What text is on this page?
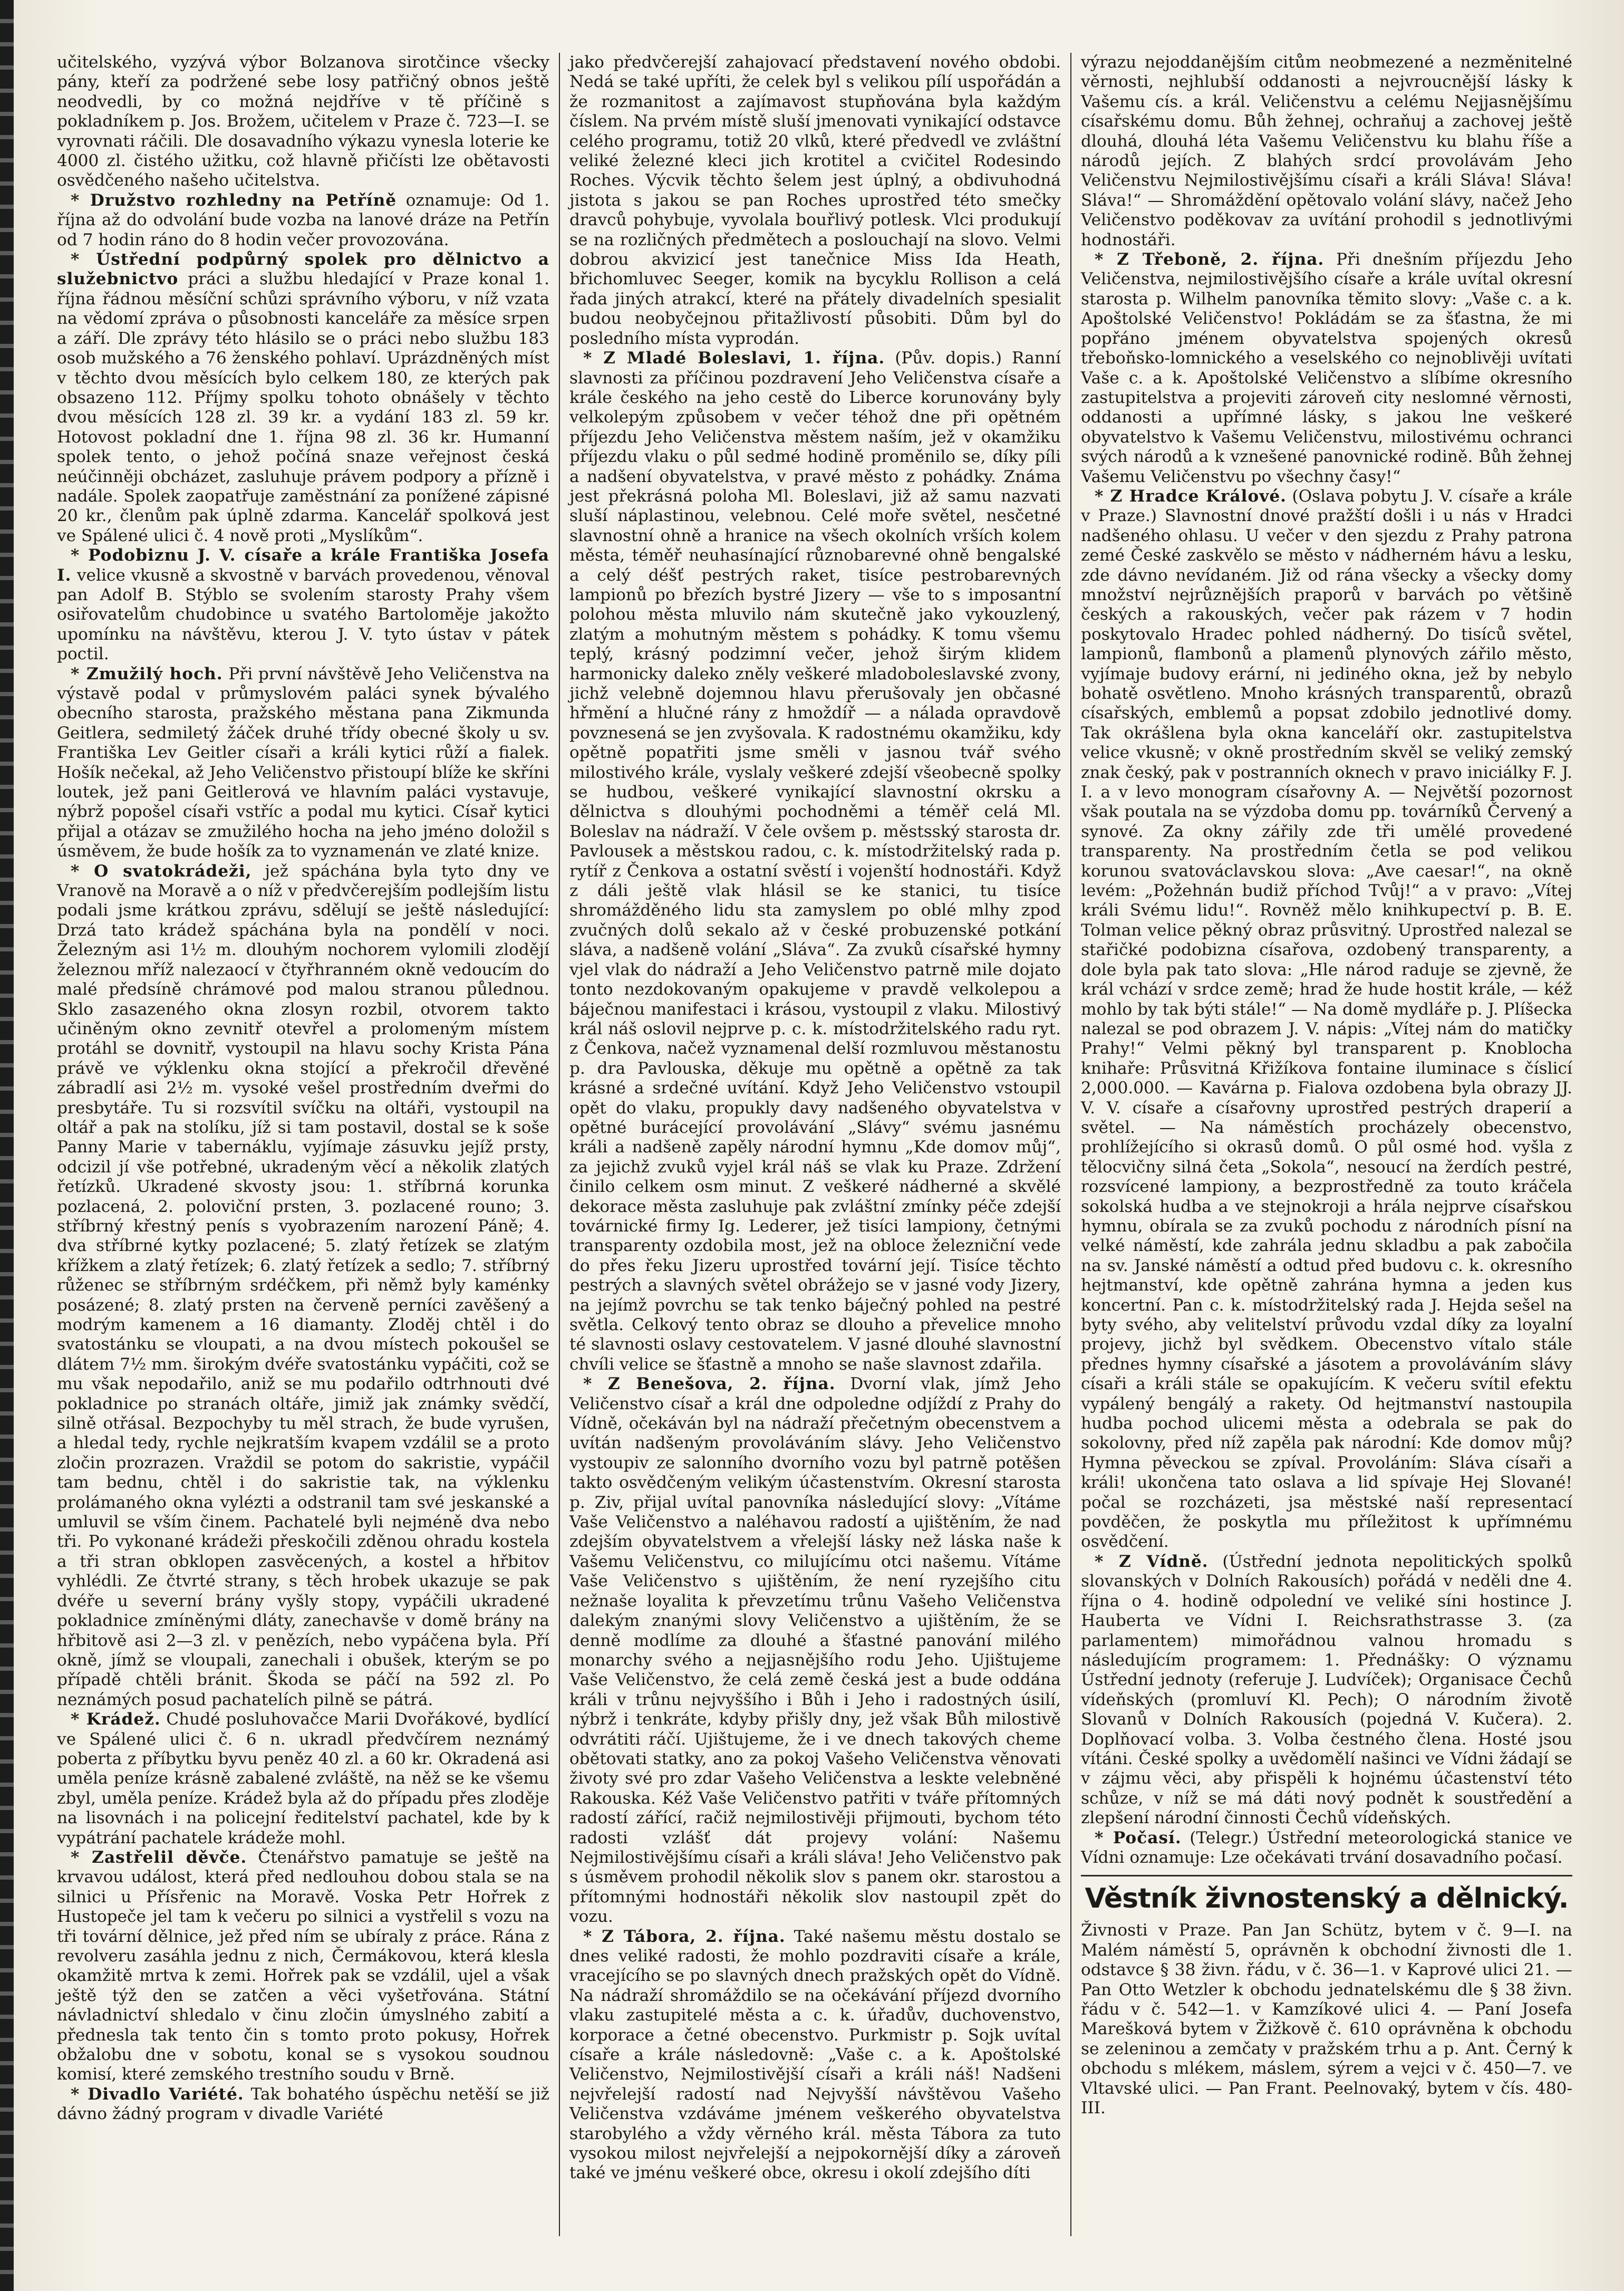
učitelského, vyzývá výbor Bolzanova sirotčince všecky pány, kteří za podržené sebe losy patřičný obnos ještě neodvedli, by co možná nejdříve v tě příčině s pokladníkem p. Jos. Brožem, učitelem v Praze č. 723—I. se vyrovnati ráčili. Dle dosavadního výkazu vynesla loterie ke 4000 zl. čistého užitku, což hlavně přičísti lze obětavosti osvědčeného našeho učitelstva.

* Družstvo rozhledny na Petříně oznamuje: Od 1. října až do odvolání bude vozba na lanové dráze na Petřín od 7 hodin ráno do 8 hodin večer provozována.

* Ústřední podpůrný spolek pro dělnictvo a služebnictvo práci a službu hledající v Praze konal 1. října řádnou měsíční schůzi správního výboru, v níž vzata na vědomí zpráva o působnosti kanceláře za měsíce srpen a září. Dle zprávy této hlásilo se o práci nebo službu 183 osob mužského a 76 ženského pohlaví. Uprázdněných míst v těchto dvou měsících bylo celkem 180, ze kterých pak obsazeno 112. Příjmy spolku tohoto obnášely v těchto dvou měsících 128 zl. 39 kr. a vydání 183 zl. 59 kr. Hotovost pokladní dne 1. října 98 zl. 36 kr. Humanní spolek tento, o jehož počíná snaze veřejnost česká neúčinněji obcházet, zasluhuje právem podpory a přízně i nadále. Spolek zaopatřuje zaměstnání za ponížené zápisné 20 kr., členům pak úplně zdarma. Kancelář spolková jest ve Spálené ulici č. 4 nově proti „Myslíkům“.

* Podobiznu J. V. císaře a krále Františka Josefa I. velice vkusně a skvostně v barvách provedenou, věnoval pan Adolf B. Stýblo se svolením starosty Prahy všem osiřovatelům chudobince u svatého Bartoloměje jakožto upomínku na návštěvu, kterou J. V. tyto ústav v pátek poctil.

* Zmužilý hoch. Při první návštěvě Jeho Veličenstva na výstavě podal v průmyslovém paláci synek bývalého obecního starosta, pražského městana pana Zikmunda Geitlera, sedmiletý žáček druhé třídy obecné školy u sv. Františka Lev Geitler císaři a králi kytici růží a fialek. Hošík nečekal, až Jeho Veličenstvo přistoupí blíže ke skříni loutek, jež pani Geitlerová ve hlavním paláci vystavuje, nýbrž popošel císaři vstříc a podal mu kytici. Císař kytici přijal a otázav se zmužilého hocha na jeho jméno doložil s úsměvem, že bude hošík za to vyznamenán ve zlaté knize.

* O svatokrádeži, jež spáchána byla tyto dny ve Vranově na Moravě a o níž v předvčerejším podlejším listu podali jsme krátkou zprávu, sdělují se ještě následující: Drzá tato krádež spáchána byla na pondělí v noci. Železným asi 1½ m. dlouhým nochorem vylomili zlodějí železnou mříž nalezaocí v čtyřhranném okně vedoucím do malé předsíně chrámové pod malou stranou půlednou. Sklo zasazeného okna zlosyn rozbil, otvorem takto učiněným okno zevnitř otevřel a prolomeným místem protáhl se dovnitř, vystoupil na hlavu sochy Krista Pána právě ve výklenku okna stojící a překročil dřevěné zábradlí asi 2½ m. vysoké vešel prostředním dveřmi do presbytáře. Tu si rozsvítil svíčku na oltáři, vystoupil na oltář a pak na stolíku, jíž si tam postavil, dostal se k soše Panny Marie v tabernáklu, vyjímaje zásuvku jejíž prsty, odcizil jí vše potřebné, ukradeným věcí a několik zlatých řetízků. Ukradené skvosty jsou: 1. stříbrná korunka pozlacená, 2. poloviční prsten, 3. pozlacené rouno; 3. stříbrný křestný penís s vyobrazením narození Páně; 4. dva stříbrné kytky pozlacené; 5. zlatý řetízek se zlatým křížkem a zlatý řetízek; 6. zlatý řetízek a sedlo; 7. stříbrný růženec se stříbrným srdéčkem, při němž byly kaménky posázené; 8. zlatý prsten na červeně perníci zavěšený a modrým kamenem a 16 diamanty. Zloděj chtěl i do svatostánku se vloupati, a na dvou místech pokoušel se dlátem 7½ mm. širokým dvéře svatostánku vypáčiti, což se mu však nepodařilo, aniž se mu podařilo odtrhnouti dvé pokladnice po stranách oltáře, jimiž jak známky svědčí, silně otřásal. Bezpochyby tu měl strach, že bude vyrušen, a hledal tedy, rychle nejkratším kvapem vzdálil se a proto zločin prozrazen. Vraždil se potom do sakristie, vypáčil tam bednu, chtěl i do sakristie tak, na výklenku prolámaného okna vylézti a odstranil tam své jeskanské a umluvil se vším činem. Pachatelé byli nejméně dva nebo tři. Po vykonané krádeži přeskočili zděnou ohradu kostela a tři stran obklopen zasvěcených, a kostel a hřbitov vyhlédli. Ze čtvrté strany, s těch hrobek ukazuje se pak dvéře u severní brány vyšly stopy, vypáčili ukradené pokladnice zmíněnými dláty, zanechavše v domě brány na hřbitově asi 2—3 zl. v penězích, nebo vypáčena byla. Pří okně, jímž se vloupali, zanechali i obušek, kterým se po případě chtěli bránit. Škoda se páčí na 592 zl. Po neznámých posud pachatelích pilně se pátrá.

* Krádež. Chudé posluhovačce Marii Dvořákové, bydlící ve Spálené ulici č. 6 n. ukradl předvčírem neznámý poberta z příbytku byvu peněz 40 zl. a 60 kr. Okradená asi uměla peníze krásně zabalené zvláště, na něž se ke všemu zbyl, uměla peníze. Krádež byla až do případu přes zloděje na lisovnách i na policejní ředitelství pachatel, kde by k vypátrání pachatele krádeže mohl.

* Zastřelil děvče. Čtenářstvo pamatuje se ještě na krvavou událost, která před nedlouhou dobou stala se na silnici u Přísřenic na Moravě. Voska Petr Hořrek z Hustopeče jel tam k večeru po silnici a vystřelil s vozu na tři tovární dělnice, jež před ním se ubíraly z práce. Rána z revolveru zasáhla jednu z nich, Čermákovou, která klesla okamžitě mrtva k zemi. Hořrek pak se vzdálil, ujel a však ještě týž den se zatčen a věci vyšetřována. Státní návladnictví shledalo v činu zločin úmyslného zabití a přednesla tak tento čin s tomto proto pokusy, Hořrek obžalobu dne v sobotu, konal se s vysokou soudnou komisí, které zemského trestního soudu v Brně.

* Divadlo Variété. Tak bohatého úspěchu netěší se již dávno žádný program v divadle Variété

jako předvčerejší zahajovací představení nového obdobi. Nedá se také upříti, že celek byl s velikou pílí uspořádán a že rozmanitost a zajímavost stupňována byla každým číslem. Na prvém místě sluší jmenovati vynikající odstavce celého programu, totiž 20 vlků, které předvedl ve zvláštní veliké železné kleci jich krotitel a cvičitel Rodesindo Roches. Výcvik těchto šelem jest úplný, a obdivuhodná jistota s jakou se pan Roches uprostřed této smečky dravců pohybuje, vyvolala bouřlivý potlesk. Vlci produkují se na rozličných předmětech a poslouchají na slovo. Velmi dobrou akvizicí jest tanečnice Miss Ida Heath, břichomluvec Seeger, komik na bycyklu Rollison a celá řada jiných atrakcí, které na přátely divadelních spesialit budou neobyčejnou přitažlivostí působiti. Dům byl do posledního místa vyprodán.

* Z Mladé Boleslavi, 1. října. (Pův. dopis.) Ranní slavnosti za příčinou pozdravení Jeho Veličenstva císaře a krále českého na jeho cestě do Liberce korunovány byly velkolepým způsobem v večer téhož dne při opětném příjezdu Jeho Veličenstva městem naším, jež v okamžiku příjezdu vlaku o půl sedmé hodině proměnilo se, díky píli a nadšení obyvatelstva, v pravé město z pohádky. Známa jest překrásná poloha Ml. Boleslavi, již až samu nazvati sluší náplastinou, velebnou. Celé moře světel, nesčetné slavnostní ohně a hranice na všech okolních vrších kolem města, téměř neuhasínající různobarevné ohně bengalské a celý déšť pestrých raket, tisíce pestrobarevných lampionů po březích bystré Jizery — vše to s imposantní polohou města mluvilo nám skutečně jako vykouzlený, zlatým a mohutným městem s pohádky. K tomu všemu teplý, krásný podzimní večer, jehož širým klidem harmonicky daleko zněly veškeré mladoboleslavské zvony, jichž velebně dojemnou hlavu přerušovaly jen občasné hřmění a hlučné rány z hmoždíř — a nálada opravdově povznesená se jen zvyšovala. K radostnému okamžiku, kdy opětně popatřiti jsme směli v jasnou tvář svého milostivého krále, vyslaly veškeré zdejší všeobecně spolky se hudbou, veškeré vynikající slavnostní okrsku a dělnictva s dlouhými pochodněmi a téměř celá Ml. Boleslav na nádraží. V čele ovšem p. městsský starosta dr. Pavlousek a městskou radou, c. k. místodržitelský rada p. rytíř z Čenkova a ostatní svěstí i vojenští hodnostáři. Když z dáli ještě vlak hlásil se ke stanici, tu tisíce shromážděného lidu sta zamyslem po oblé mlhy zpod zvučných dolů sekalo až v české probuzenské potkání sláva, a nadšeně volání „Sláva“. Za zvuků císařské hymny vjel vlak do nádraží a Jeho Veličenstvo patrně mile dojato tonto nezdokovaným opakujeme v pravdě velkolepou a báječnou manifestaci i krásou, vystoupil z vlaku. Milostivý král náš oslovil nejprve p. c. k. místodržitelského radu ryt. z Čenkova, načež vyznamenal delší rozmluvou městanostu p. dra Pavlouska, děkuje mu opětně a opětně za tak krásné a srdečné uvítání. Když Jeho Veličenstvo vstoupil opět do vlaku, propukly davy nadšeného obyvatelstva v opětné burácející provolávání „Slávy“ svému jasnému králi a nadšeně zapěly národní hymnu „Kde domov můj“, za jejichž zvuků vyjel král náš se vlak ku Praze. Zdržení činilo celkem osm minut. Z veškeré nádherné a skvělé dekorace města zasluhuje pak zvláštní zmínky péče zdejší továrnické firmy Ig. Lederer, jež tisíci lampiony, četnými transparenty ozdobila most, jež na obloce železniční vede do přes řeku Jizeru uprostřed tovární její. Tisíce těchto pestrých a slavných světel obrážejo se v jasné vody Jizery, na jejímž povrchu se tak tenko báječný pohled na pestré světla. Celkový tento obraz se dlouho a převelice mnoho té slavnosti oslavy cestovatelem. V jasné dlouhé slavnostní chvíli velice se šťastně a mnoho se naše slavnost zdařila.

* Z Benešova, 2. října. Dvorní vlak, jímž Jeho Veličenstvo císař a král dne odpoledne odjíždí z Prahy do Vídně, očekáván byl na nádraží přečetným obecenstvem a uvítán nadšeným provoláváním slávy. Jeho Veličenstvo vystoupiv ze salonního dvorního vozu byl patrně potěšen takto osvědčeným velikým účastenstvím. Okresní starosta p. Ziv, přijal uvítal panovníka následující slovy: „Vítáme Vaše Veličenstvo a naléhavou radostí a ujištěním, že nad zdejším obyvatelstvem a vřelejší lásky než láska naše k Vašemu Veličenstvu, co milujícímu otci našemu. Vítáme Vaše Veličenstvo s ujištěním, že není ryzejšího citu nežnaše loyalita k převzetímu trůnu Vašeho Veličenstva dalekým znanými slovy Veličenstvo a ujištěním, že se denně modlíme za dlouhé a šťastné panování milého monarchy svého a nejjasnějšího rodu Jeho. Ujištujeme Vaše Veličenstvo, že celá země česká jest a bude oddána králi v trůnu nejvyššího i Bůh i Jeho i radostných úsilí, nýbrž i tenkráte, kdyby přišly dny, jež však Bůh milostivě odvrátiti ráčí. Ujištujeme, že i ve dnech takových cheme obětovati statky, ano za pokoj Vašeho Veličenstva věnovati životy své pro zdar Vašeho Veličenstva a leskte velebněné Rakouska. Kéž Vaše Veličenstvo patřiti v tváře přítomných radostí zářící, račiž nejmilostivěji přijmouti, bychom této radosti vzlášť dát projevy volání: Našemu Nejmilostivějšímu císaři a králi sláva! Jeho Veličenstvo pak s úsměvem prohodil několik slov s panem okr. starostou a přítomnými hodnostáři několik slov nastoupil zpět do vozu.

* Z Tábora, 2. října. Také našemu městu dostalo se dnes veliké radosti, že mohlo pozdraviti císaře a krále, vracejícího se po slavných dnech pražských opět do Vídně. Na nádraží shromáždilo se na očekávání příjezd dvorního vlaku zastupitelé města a c. k. úřadův, duchovenstvo, korporace a četné obecenstvo. Purkmistr p. Sojk uvítal císaře a krále následovně: „Vaše c. a k. Apoštolské Veličenstvo, Nejmilostivější císaři a králi náš! Nadšeni nejvřelejší radostí nad Nejvyšší návštěvou Vašeho Veličenstva vzdáváme jménem veškerého obyvatelstva starobylého a vždy věrného král. města Tábora za tuto vysokou milost nejvřelejší a nejpokornější díky a zároveň také ve jménu veškeré obce, okresu i okolí zdejšího díti

výrazu nejoddanějším citům neobmezené a nezměnitelné věrnosti, nejhlubší oddanosti a nejvroucnější lásky k Vašemu cís. a král. Veličenstvu a celému Nejjasnějšímu císařskému domu. Bůh žehnej, ochraňuj a zachovej ještě dlouhá, dlouhá léta Vašemu Veličenstvu ku blahu říše a národů jejích. Z blahých srdcí provolávám Jeho Veličenstvu Nejmilostivějšímu císaři a králi Sláva! Sláva! Sláva!“ — Shromáždění opětovalo volání slávy, načež Jeho Veličenstvo poděkovav za uvítání prohodil s jednotlivými hodnostáři.

* Z Třeboně, 2. října. Při dnešním příjezdu Jeho Veličenstva, nejmilostivějšího císaře a krále uvítal okresní starosta p. Wilhelm panovníka těmito slovy: „Vaše c. a k. Apoštolské Veličenstvo! Pokládám se za šťastna, že mi popřáno jménem obyvatelstva spojených okresů třeboňsko-lomnického a veselského co nejnoblivěji uvítati Vaše c. a k. Apoštolské Veličenstvo a slíbíme okresního zastupitelstva a projeviti zároveň city neslomné věrnosti, oddanosti a upřímné lásky, s jakou lne veškeré obyvatelstvo k Vašemu Veličenstvu, milostivému ochranci svých národů a k vznešené panovnické rodině. Bůh žehnej Vašemu Veličenstvu po všechny časy!“

* Z Hradce Králové. (Oslava pobytu J. V. císaře a krále v Praze.) Slavnostní dnové pražští došli i u nás v Hradci nadšeného ohlasu. U večer v den sjezdu z Prahy patrona zemé České zaskvělo se město v nádherném hávu a lesku, zde dávno nevídaném. Již od rána všecky a všecky domy množství nejrůznějších praporů v barvách po většině českých a rakouských, večer pak rázem v 7 hodin poskytovalo Hradec pohled nádherný. Do tisíců světel, lampionů, flambonů a plamenů plynových zářilo město, vyjímaje budovy erární, ni jediného okna, jež by nebylo bohatě osvětleno. Mnoho krásných transparentů, obrazů císařských, emblemů a popsat zdobilo jednotlivé domy. Tak okrášlena byla okna kanceláří okr. zastupitelstva velice vkusně; v okně prostředním skvěl se veliký zemský znak český, pak v postranních oknech v pravo iniciálky F. J. I. a v levo monogram císařovny A. — Největší pozornost však poutala na se výzdoba domu pp. továrníků Červený a synové. Za okny zářily zde tři umělé provedené transparenty. Na prostředním četla se pod velikou korunou svatováclavskou slova: „Ave caesar!“, na okně levém: „Požehnán budiž příchod Tvůj!“ a v pravo: „Vítej králi Svému lidu!“. Rovněž mělo knihkupectví p. B. E. Tolman velice pěkný obraz průsvitný. Uprostřed nalezal se stařičké podobizna císařova, ozdobený transparenty, a dole byla pak tato slova: „Hle národ raduje se zjevně, že král vchází v srdce země; hrad že hude hostit krále, — kéž mohlo by tak býti stále!“ — Na domě mydláře p. J. Plíšecka nalezal se pod obrazem J. V. nápis: „Vítej nám do matičky Prahy!“ Velmi pěkný byl transparent p. Knoblocha knihaře: Průsvitná Křižíkova fontaine iluminace s číslicí 2,000.000. — Kavárna p. Fialova ozdobena byla obrazy JJ. V. V. císaře a císařovny uprostřed pestrých draperií a světel. — Na náměstích procházely obecenstvo, prohlížejícího si okrasů domů. O půl osmé hod. vyšla z tělocvičny silná četa „Sokola“, nesoucí na žerdích pestré, rozsvícené lampiony, a bezprostředně za touto kráčela sokolská hudba a ve stejnokroji a hrála nejprve císařskou hymnu, obírala se za zvuků pochodu z národních písní na velké náměstí, kde zahrála jednu skladbu a pak zabočila na sv. Janské náměstí a odtud před budovu c. k. okresního hejtmanství, kde opětně zahrána hymna a jeden kus koncertní. Pan c. k. místodržitelský rada J. Hejda sešel na byty svého, aby velitelství průvodu vzdal díky za loyalní projevy, jichž byl svědkem. Obecenstvo vítalo stále přednes hymny císařské a jásotem a provoláváním slávy císaři a králi stále se opakujícím. K večeru svítil efektu vypálený bengálý a rakety. Od hejtmanství nastoupila hudba pochod ulicemi města a odebrala se pak do sokolovny, před níž zapěla pak národní: Kde domov můj? Hymna pěveckou se zpíval. Provoláním: Sláva císaři a králi! ukončena tato oslava a lid spívaje Hej Slované! počal se rozcházeti, jsa městské naší representací povděčen, že poskytla mu příležitost k upřímnému osvědčení.

* Z Vídně. (Ústřední jednota nepolitických spolků slovanských v Dolních Rakousích) pořádá v neděli dne 4. října o 4. hodině odpolední ve veliké síni hostince J. Hauberta ve Vídni I. Reichsrathstrasse 3. (za parlamentem) mimořádnou valnou hromadu s následujícím programem: 1. Přednášky: O významu Ústřední jednoty (referuje J. Ludvíček); Organisace Čechů vídeňských (promluví Kl. Pech); O národním životě Slovanů v Dolních Rakousích (pojedná V. Kučera). 2. Doplňovací volba. 3. Volba čestného člena. Hosté jsou vítáni. České spolky a uvědomělí našinci ve Vídni žádají se v zájmu věci, aby přispěli k hojnému účastenství této schůze, v níž se má dáti nový podnět k soustředění a zlepšení národní činnosti Čechů vídeňských.

* Počasí. (Telegr.) Ústřední meteorologická stanice ve Vídni oznamuje: Lze očekávati trvání dosavadního počasí.

Věstník živnostenský a dělnický.

Živnosti v Praze. Pan Jan Schütz, bytem v č. 9—I. na Malém náměstí 5, oprávněn k obchodní živnosti dle 1. odstavce § 38 živn. řádu, v č. 36—1. v Kaprové ulici 21. — Pan Otto Wetzler k obchodu jednatelskému dle § 38 živn. řádu v č. 542—1. v Kamzíkové ulici 4. — Paní Josefa Marešková bytem v Žižkově č. 610 oprávněna k obchodu se zeleninou a zemčaty v pražském trhu a p. Ant. Černý k obchodu s mlékem, máslem, sýrem a vejci v č. 450—7. ve Vltavské ulici. — Pan Frant. Peelnovaký, bytem v čís. 480-III.
